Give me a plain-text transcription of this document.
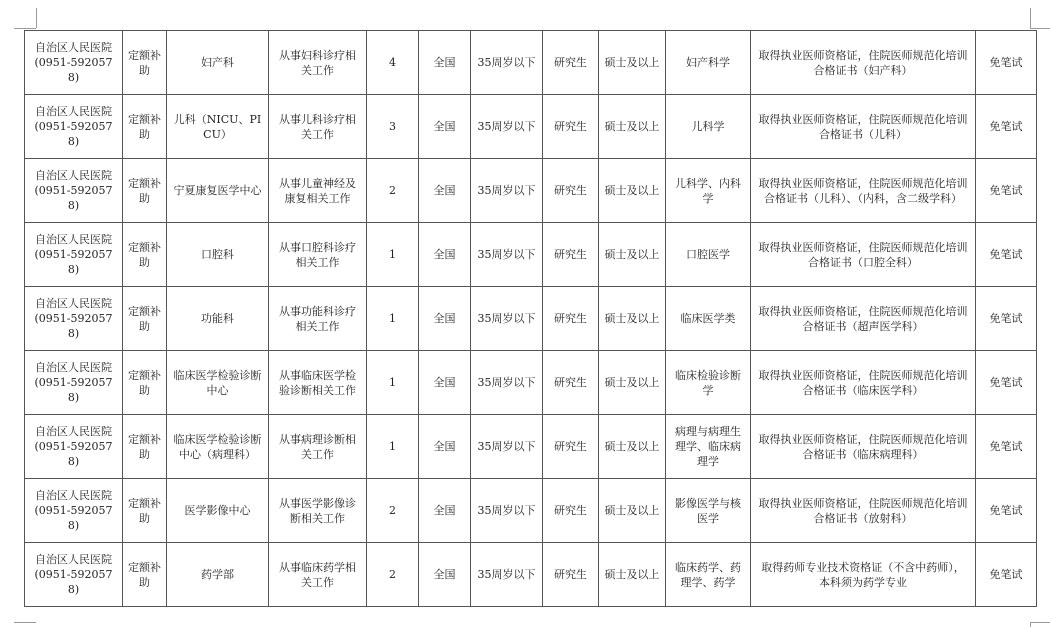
自治区人民医院
(0951-5920578)	定额补助	妇产科	从事妇科诊疗相关工作	4	全国	35周岁以下	研究生	硕士及以上	妇产科学	取得执业医师资格证，住院医师规范化培训合格证书（妇产科）	免笔试

自治区人民医院
(0951-5920578)	定额补助	儿科（NICU、PICU）	从事儿科诊疗相关工作	3	全国	35周岁以下	研究生	硕士及以上	儿科学	取得执业医师资格证，住院医师规范化培训合格证书（儿科）	免笔试

自治区人民医院
(0951-5920578)	定额补助	宁夏康复医学中心	从事儿童神经及康复相关工作	2	全国	35周岁以下	研究生	硕士及以上	儿科学、内科学	取得执业医师资格证，住院医师规范化培训合格证书（儿科）、（内科，含二级学科）	免笔试

自治区人民医院
(0951-5920578)	定额补助	口腔科	从事口腔科诊疗相关工作	1	全国	35周岁以下	研究生	硕士及以上	口腔医学	取得执业医师资格证，住院医师规范化培训合格证书（口腔全科）	免笔试

自治区人民医院
(0951-5920578)	定额补助	功能科	从事功能科诊疗相关工作	1	全国	35周岁以下	研究生	硕士及以上	临床医学类	取得执业医师资格证，住院医师规范化培训合格证书（超声医学科）	免笔试

自治区人民医院
(0951-5920578)	定额补助	临床医学检验诊断中心	从事临床医学检验诊断相关工作	1	全国	35周岁以下	研究生	硕士及以上	临床检验诊断学	取得执业医师资格证，住院医师规范化培训合格证书（临床医学科）	免笔试

自治区人民医院
(0951-5920578)	定额补助	临床医学检验诊断中心（病理科）	从事病理诊断相关工作	1	全国	35周岁以下	研究生	硕士及以上	病理与病理生理学、临床病理学	取得执业医师资格证，住院医师规范化培训合格证书（临床病理科）	免笔试

自治区人民医院
(0951-5920578)	定额补助	医学影像中心	从事医学影像诊断相关工作	2	全国	35周岁以下	研究生	硕士及以上	影像医学与核医学	取得执业医师资格证，住院医师规范化培训合格证书（放射科）	免笔试

自治区人民医院
(0951-5920578)	定额补助	药学部	从事临床药学相关工作	2	全国	35周岁以下	研究生	硕士及以上	临床药学、药理学、药学	取得药师专业技术资格证（不含中药师），本科须为药学专业	免笔试
